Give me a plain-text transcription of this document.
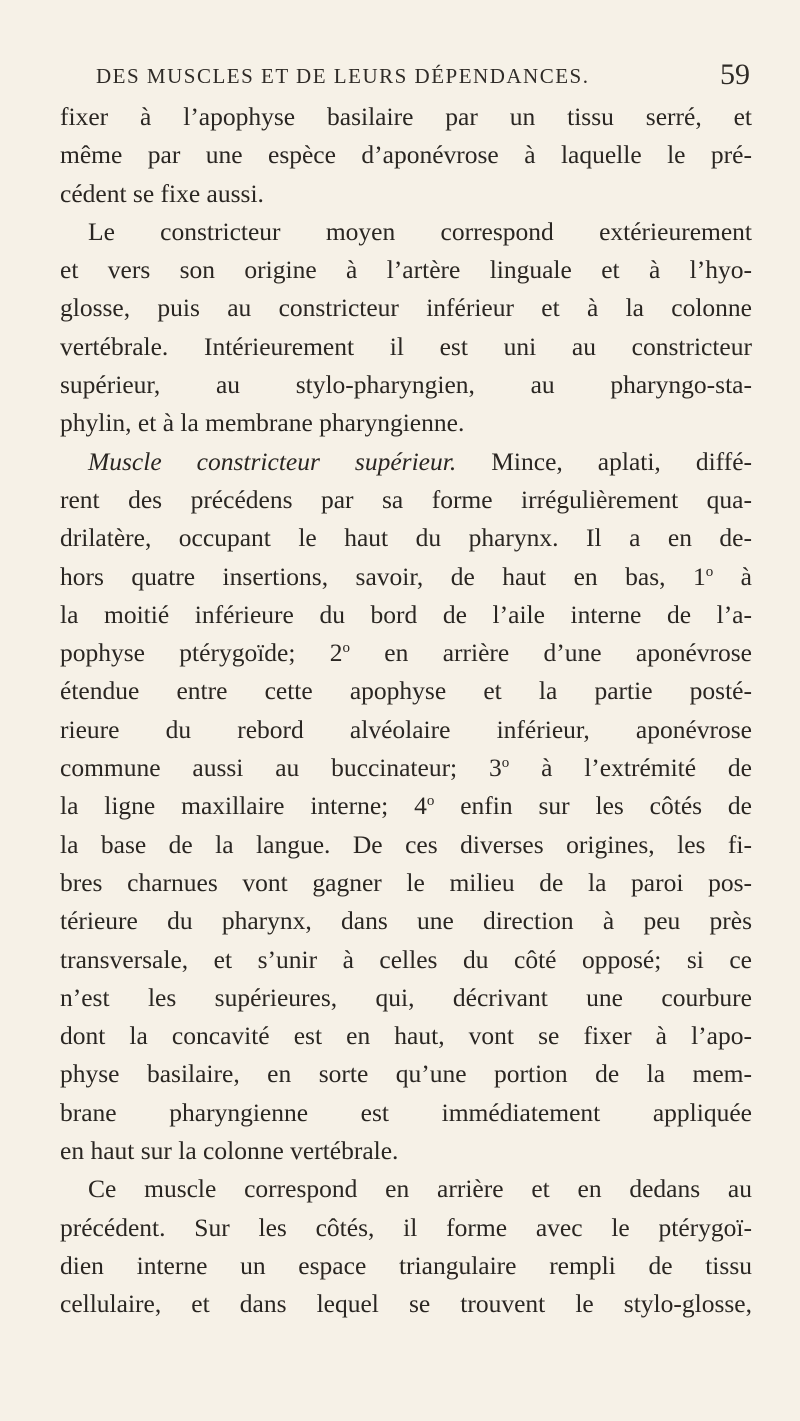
DES MUSCLES ET DE LEURS DÉPENDANCES.	59
fixer à l’apophyse basilaire par un tissu serré, et
même par une espèce d’aponévrose à laquelle le pré-
cédent se fixe aussi.
Le constricteur moyen correspond extérieurement
et vers son origine à l’artère linguale et à l’hyo-
glosse, puis au constricteur inférieur et à la colonne
vertébrale. Intérieurement il est uni au constricteur
supérieur, au stylo-pharyngien, au pharyngo-sta-
phylin, et à la membrane pharyngienne.
Muscle constricteur supérieur. Mince, aplati, diffé-
rent des précédens par sa forme irrégulièrement qua-
drilatère, occupant le haut du pharynx. Il a en de-
hors quatre insertions, savoir, de haut en bas, 1$^o$ à
la moitié inférieure du bord de l’aile interne de l’a-
pophyse ptérygoïde; 2$^o$ en arrière d’une aponévrose
étendue entre cette apophyse et la partie posté-
rieure du rebord alvéolaire inférieur, aponévrose
commune aussi au buccinateur; 3$^o$ à l’extrémité de
la ligne maxillaire interne; 4$^o$ enfin sur les côtés de
la base de la langue. De ces diverses origines, les fi-
bres charnues vont gagner le milieu de la paroi pos-
térieure du pharynx, dans une direction à peu près
transversale, et s’unir à celles du côté opposé; si ce
n’est les supérieures, qui, décrivant une courbure
dont la concavité est en haut, vont se fixer à l’apo-
physe basilaire, en sorte qu’une portion de la mem-
brane pharyngienne est immédiatement appliquée
en haut sur la colonne vertébrale.
Ce muscle correspond en arrière et en dedans au
précédent. Sur les côtés, il forme avec le ptérygoï-
dien interne un espace triangulaire rempli de tissu
cellulaire, et dans lequel se trouvent le stylo-glosse,
